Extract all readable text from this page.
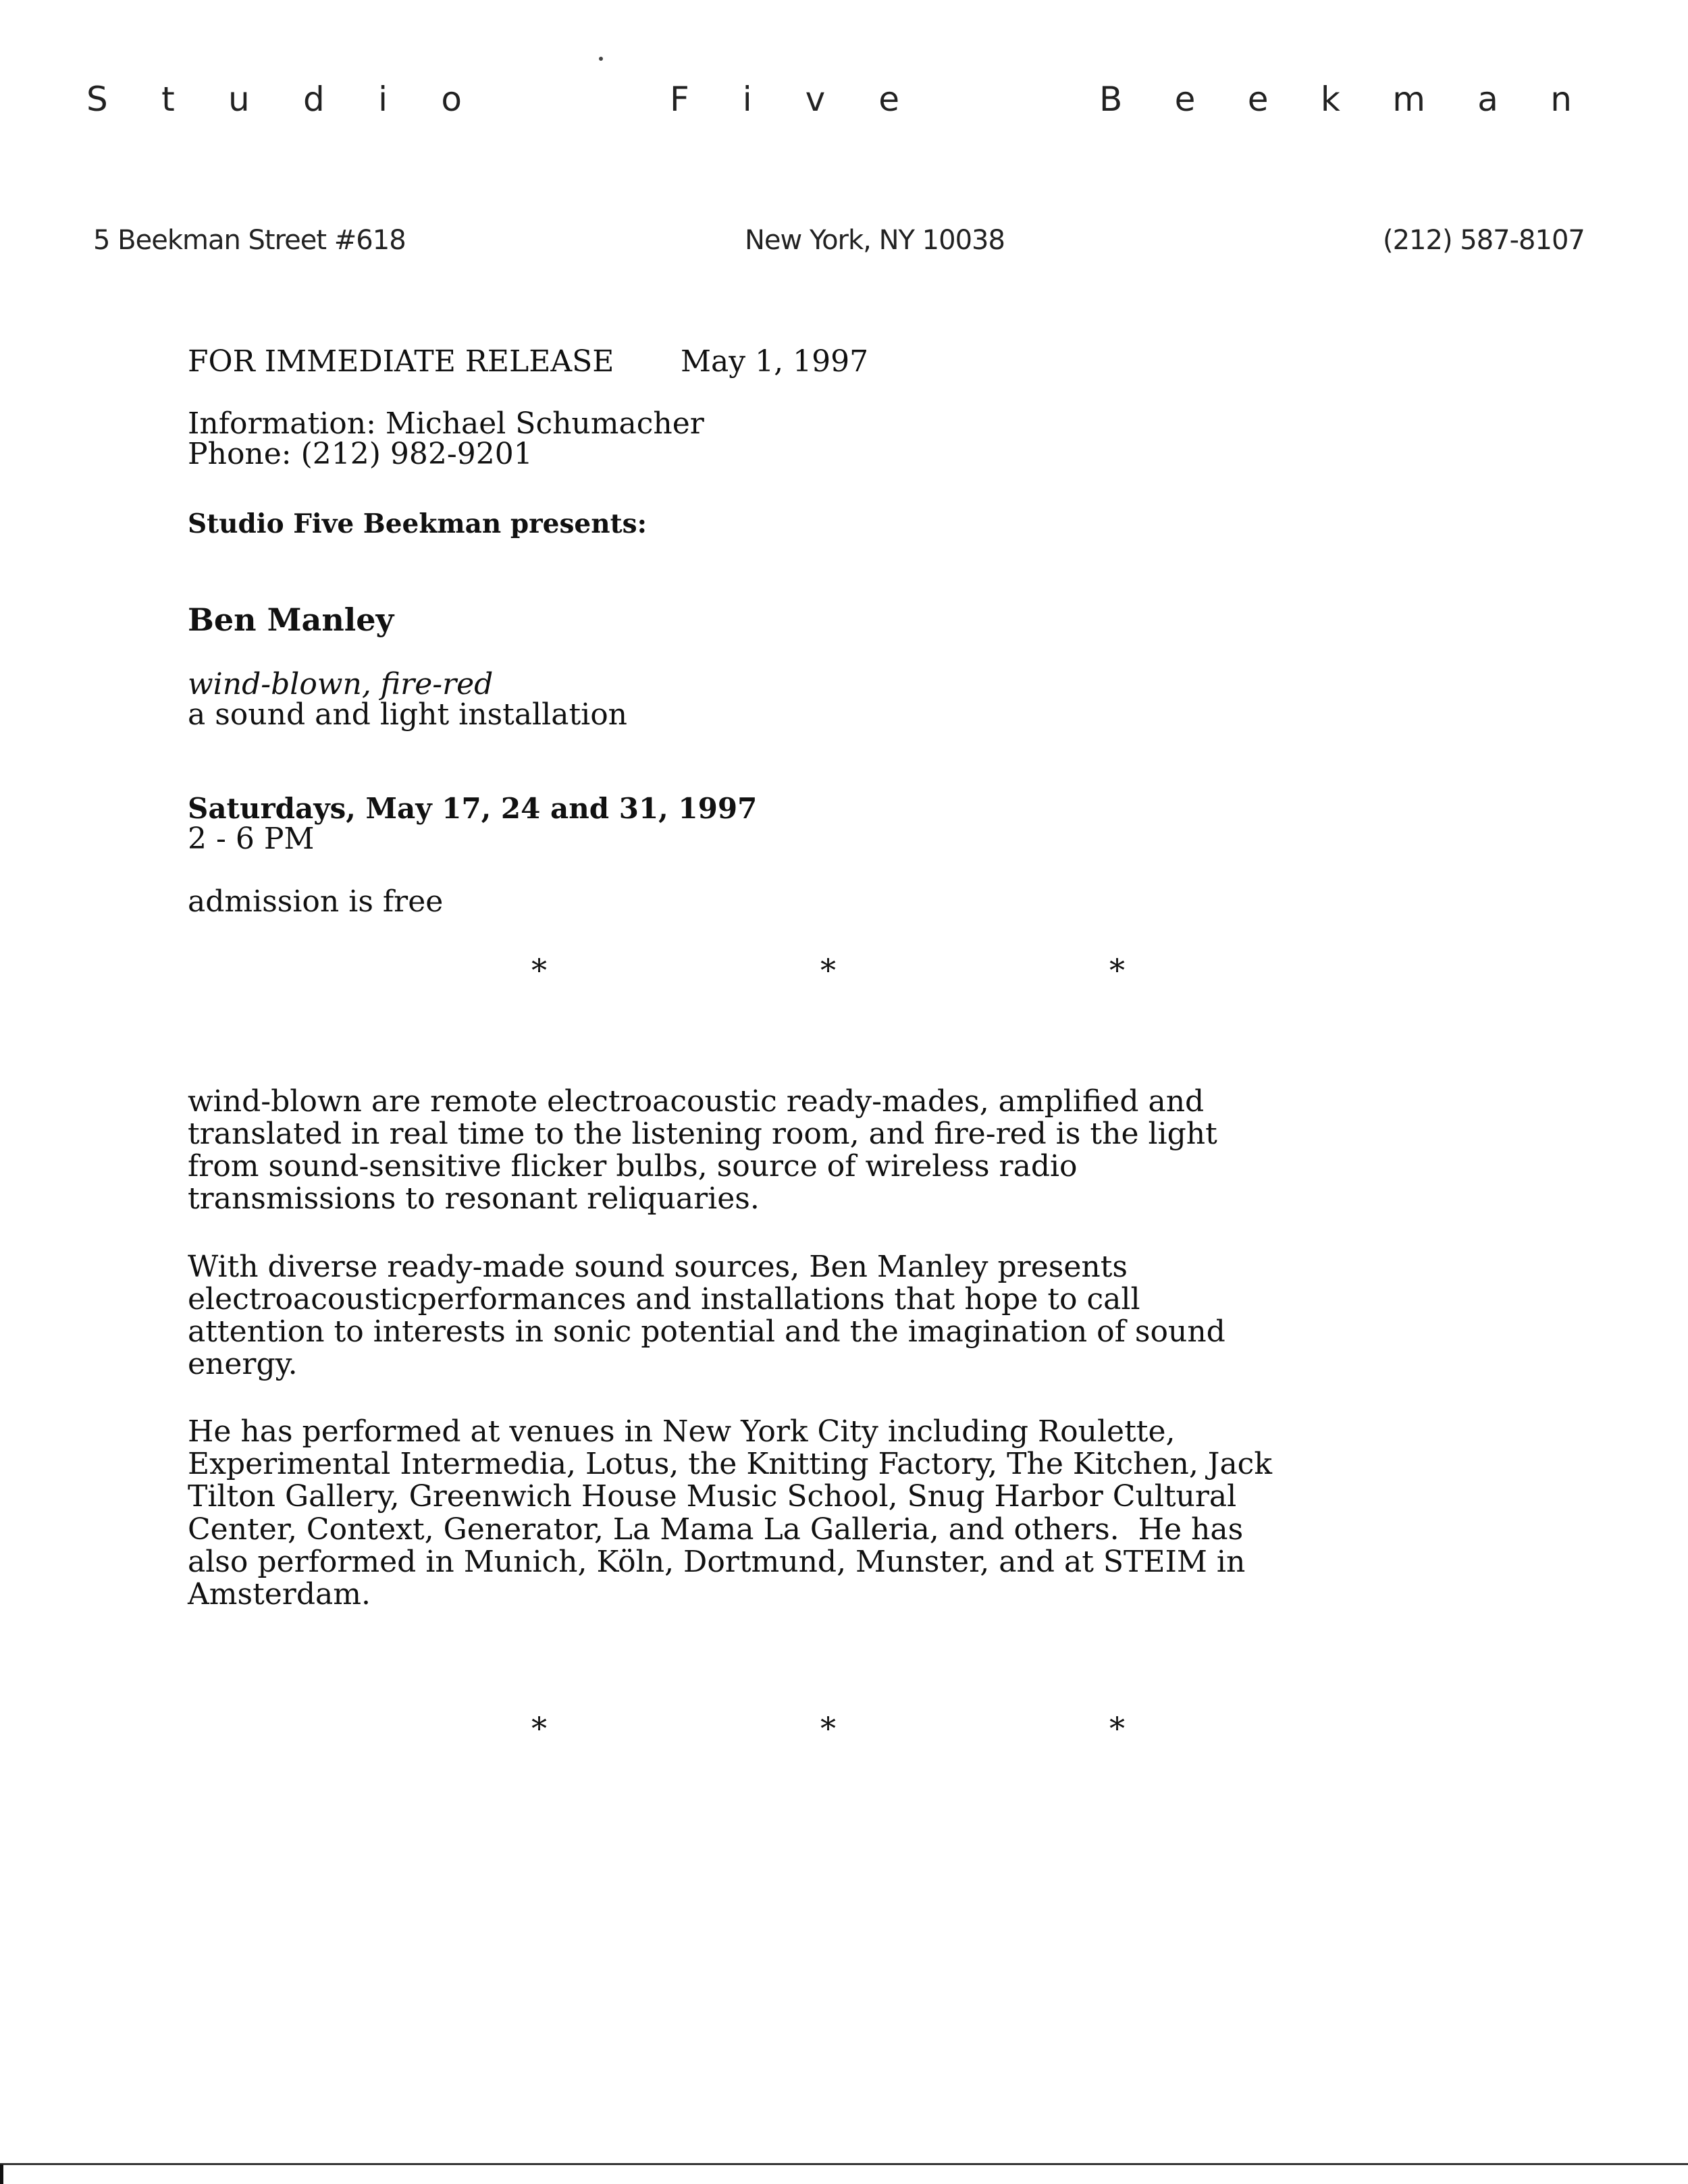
S t u d i o	F i v e	B e e k m a n
5 Beekman Street #618	New York, NY 10038	(212) 587-8107
FOR IMMEDIATE RELEASE May 1, 1997
Information: Michael Schumacher
Phone: (212) 982-9201
Studio Five Beekman presents:
Ben Manley
wind-blown, fire-red
a sound and light installation
Saturdays, May 17, 24 and 31, 1997
2 - 6 PM
admission is free
*	*	*
wind-blown are remote electroacoustic ready-mades, amplified and
translated in real time to the listening room, and fire-red is the light
from sound-sensitive flicker bulbs, source of wireless radio
transmissions to resonant reliquaries.
With diverse ready-made sound sources, Ben Manley presents
electroacousticperformances and installations that hope to call
attention to interests in sonic potential and the imagination of sound
energy.
He has performed at venues in New York City including Roulette,
Experimental Intermedia, Lotus, the Knitting Factory, The Kitchen, Jack
Tilton Gallery, Greenwich House Music School, Snug Harbor Cultural
Center, Context, Generator, La Mama La Galleria, and others.  He has
also performed in Munich, Köln, Dortmund, Munster, and at STEIM in
Amsterdam.
*	*	*
